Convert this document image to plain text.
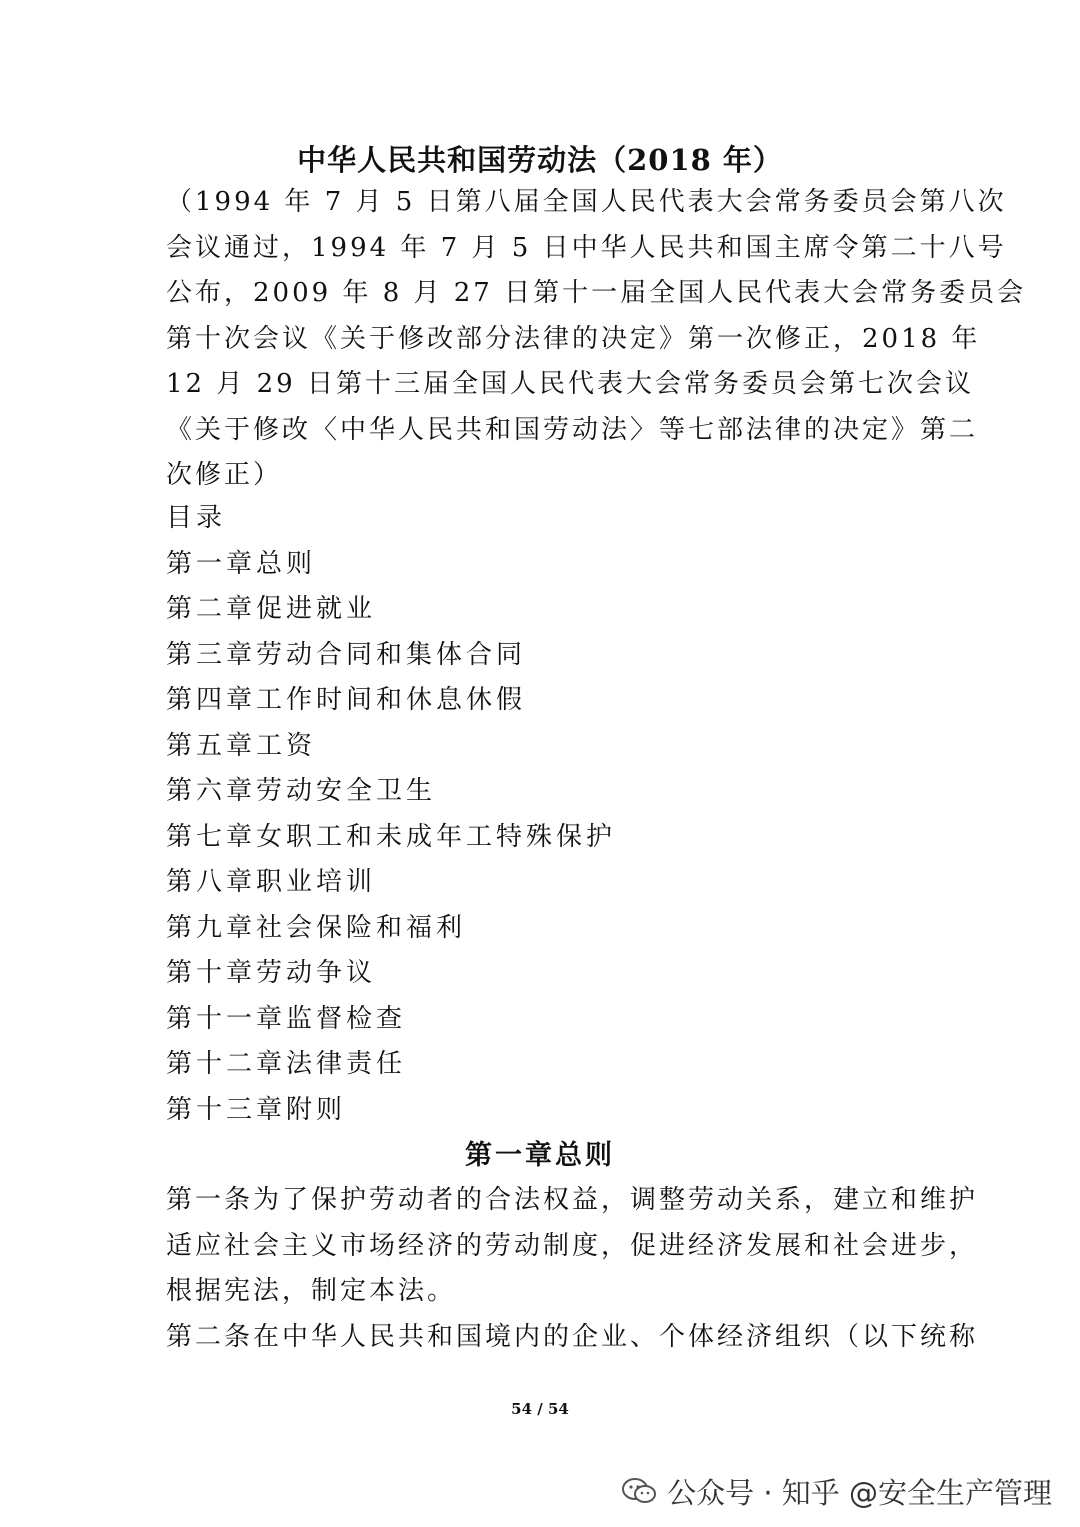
中华人民共和国劳动法（2018 年）
（1994 年 7 月 5 日第八届全国人民代表大会常务委员会第八次
会议通过，1994 年 7 月 5 日中华人民共和国主席令第二十八号
公布，2009 年 8 月 27 日第十一届全国人民代表大会常务委员会
第十次会议《关于修改部分法律的决定》第一次修正，2018 年
12 月 29 日第十三届全国人民代表大会常务委员会第七次会议
《关于修改〈中华人民共和国劳动法〉等七部法律的决定》第二
次修正）
目录
第一章总则
第二章促进就业
第三章劳动合同和集体合同
第四章工作时间和休息休假
第五章工资
第六章劳动安全卫生
第七章女职工和未成年工特殊保护
第八章职业培训
第九章社会保险和福利
第十章劳动争议
第十一章监督检查
第十二章法律责任
第十三章附则
第一章总则
第一条为了保护劳动者的合法权益，调整劳动关系，建立和维护
适应社会主义市场经济的劳动制度，促进经济发展和社会进步，
根据宪法，制定本法。
第二条在中华人民共和国境内的企业、个体经济组织（以下统称
54 / 54
公众号 · 知乎 @安全生产管理
